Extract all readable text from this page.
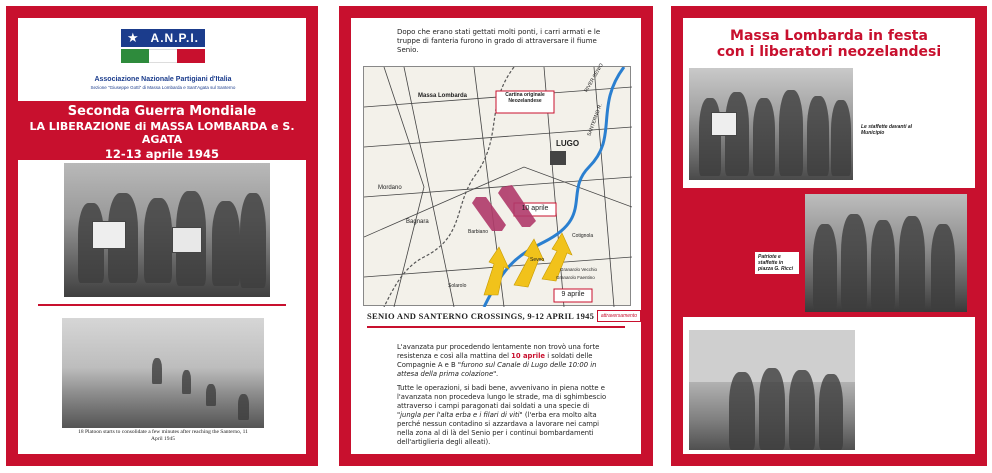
A.N.P.I.
★
Associazione Nazionale Partigiani d'Italia
Sezione "Giuseppe Gotti" di Massa Lombarda e Sant'Agata sul Santerno
Seconda Guerra Mondiale
LA LIBERAZIONE di MASSA LOMBARDA e S. AGATA
12-13 aprile 1945
18 Platoon starts to consolidate a few minutes after reaching the Santerno, 11 April 1945
Dopo che erano stati gettati molti ponti, i carri armati e le truppe di fanteria furono in grado di attraversare il fiume Senio.
Cartina originale Neozelandese
10 aprile
9 aprile
Massa Lombarda
LUGO
Mordano
Bagnara
Barbiano
Cotignola
Solarolo
Granarolo Vecchio
Granarolo Faentino
Seveo
RIVER SENIO
SANTERNO R.
SENIO AND SANTERNO CROSSINGS, 9-12 APRIL 1945	attraversamento

L'avanzata pur procedendo lentamente non trovò una forte resistenza e così alla mattina del 10 aprile i soldati delle Compagnie A e B "furono sul Canale di Lugo delle 10:00 in attesa della prima colazione".

Tutte le operazioni, si badi bene, avvenivano in piena notte e l'avanzata non procedeva lungo le strade, ma di sghimbescio attraverso i campi paragonati dai soldati a una specie di "jungla per l'alta erba e i filari di viti" (l'erba era molto alta perché nessun contadino si azzardava a lavorare nei campi nella zona al di là del Senio per i continui bombardamenti dell'artiglieria degli alleati).

Massa Lombarda in festa
con i liberatori neozelandesi
Le staffette davanti al Municipio
Patriote e staffette in piazza G. Ricci
